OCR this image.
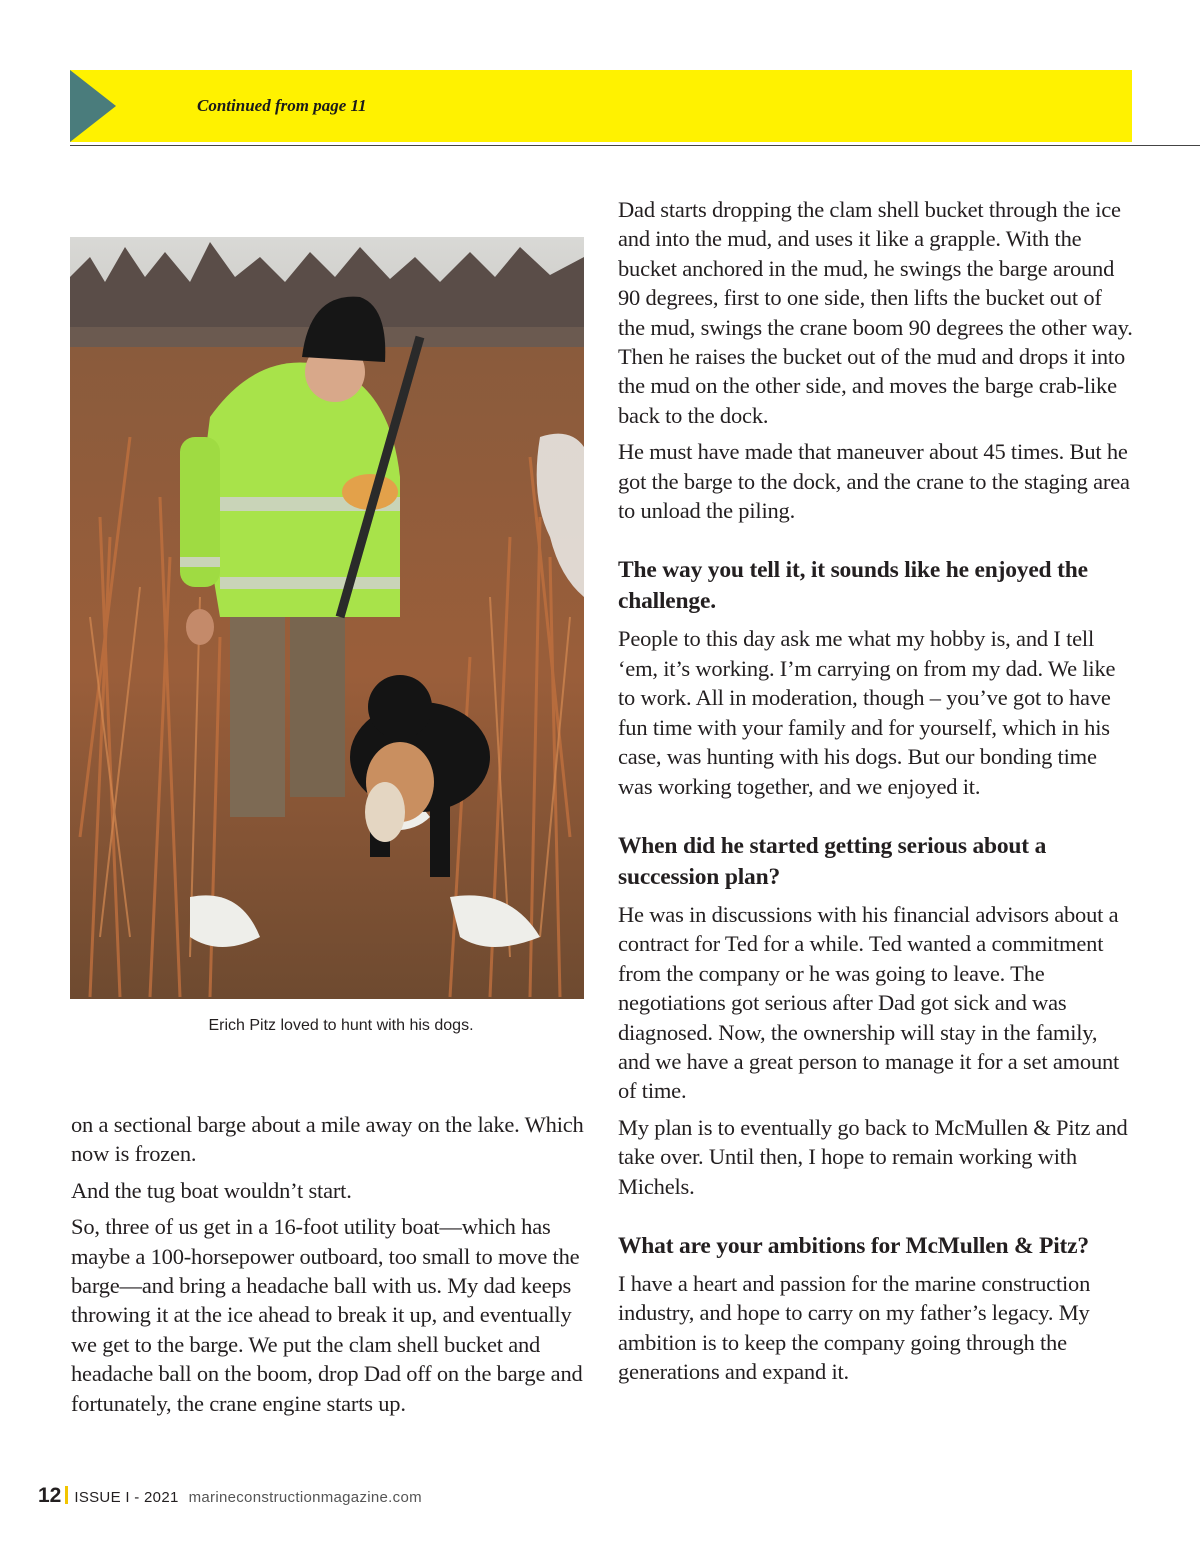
Continued from page 11
Erich Pitz loved to hunt with his dogs.

on a sectional barge about a mile away on the lake. Which now is frozen.

And the tug boat wouldn’t start.

So, three of us get in a 16-foot utility boat—which has maybe a 100-horsepower outboard, too small to move the barge—and bring a headache ball with us. My dad keeps throwing it at the ice ahead to break it up, and eventually we get to the barge. We put the clam shell bucket and headache ball on the boom, drop Dad off on the barge and fortunately, the crane engine starts up.

Dad starts dropping the clam shell bucket through the ice and into the mud, and uses it like a grapple. With the bucket anchored in the mud, he swings the barge around 90 degrees, first to one side, then lifts the bucket out of the mud, swings the crane boom 90 degrees the other way. Then he raises the bucket out of the mud and drops it into the mud on the other side, and moves the barge crab-like back to the dock.

He must have made that maneuver about 45 times. But he got the barge to the dock, and the crane to the staging area to unload the piling.

The way you tell it, it sounds like he enjoyed the challenge.

People to this day ask me what my hobby is, and I tell ‘em, it’s working. I’m carrying on from my dad. We like to work. All in moderation, though – you’ve got to have fun time with your family and for yourself, which in his case, was hunting with his dogs. But our bonding time was working together, and we enjoyed it.

When did he started getting serious about a succession plan?

He was in discussions with his financial advisors about a contract for Ted for a while. Ted wanted a commitment from the company or he was going to leave. The negotiations got serious after Dad got sick and was diagnosed. Now, the ownership will stay in the family, and we have a great person to manage it for a set amount of time.

My plan is to eventually go back to McMullen & Pitz and take over. Until then, I hope to remain working with Michels.

What are your ambitions for McMullen & Pitz?

I have a heart and passion for the marine construction industry, and hope to carry on my father’s legacy. My ambition is to keep the company going through the generations and expand it.

12 ISSUE I - 2021 marineconstructionmagazine.com
